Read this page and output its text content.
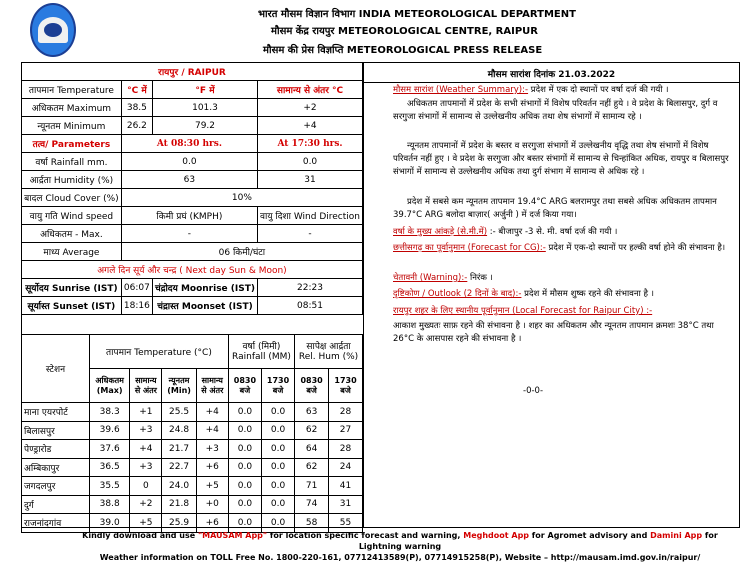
भारत मौसम विज्ञान विभाग INDIA METEOROLOGICAL DEPARTMENT
मौसम केंद्र रायपुर METEOROLOGICAL CENTRE, RAIPUR
मौसम की प्रेस विज्ञप्ति METEOROLOGICAL PRESS RELEASE
रायपुर / RAIPUR			
तापमान Temperature	°C में	°F में	सामान्य से अंतर °C
अधिकतम Maximum	38.5	101.3	+2
न्यूनतम Minimum	26.2	79.2	+4
तत्व/ Parameters	At 08:30 hrs.		At 17:30 hrs.
वर्षा Rainfall mm.	0.0		0.0
आर्द्रता Humidity (%)	63		31
बादल Cloud Cover (%)	10%		
वायु गति Wind speed	किमी प्रघं (KMPH)		वायु दिशा Wind Direction
अधिकतम - Max.	-		-
माध्य Average	06 किमी/घंटा		
अगले दिन सूर्य और चन्द्र ( Next day Sun & Moon)			
सूर्योदय Sunrise (IST)	06:07	चंद्रोदय Moonrise (IST)	22:23
सूर्यास्त Sunset (IST)	18:16	चंद्रास्त Moonset (IST)	08:51
स्टेशन	तापमान Temperature (°C)				वर्षा (मिमी) Rainfall (MM)		सापेक्ष आर्द्रता Rel. Hum (%)	
	अधिकतम (Max)	सामान्य से अंतर	न्यूनतम (Min)	सामान्य से अंतर	0830 बजे	1730 बजे	0830 बजे	1730 बजे
माना एयरपोर्ट	38.3	+1	25.5	+4	0.0	0.0	63	28
बिलासपुर	39.6	+3	24.8	+4	0.0	0.0	62	27
पेण्ड्रारोड	37.6	+4	21.7	+3	0.0	0.0	64	28
अम्बिकापुर	36.5	+3	22.7	+6	0.0	0.0	62	24
जगदलपुर	35.5	0	24.0	+5	0.0	0.0	71	41
दुर्ग	38.8	+2	21.8	+0	0.0	0.0	74	31
राजनांदगांव	39.0	+5	25.9	+6	0.0	0.0	58	55
मौसम सारांश दिनांक 21.03.2022
मौसम सारांश (Weather Summary):- प्रदेश में एक दो स्थानों पर वर्षा दर्ज की गयी ।
अधिकतम तापमानों में प्रदेश के सभी संभागों में विशेष परिवर्तन नहीं हुये । वे प्रदेश के बिलासपुर, दुर्ग व सरगुजा संभागों में सामान्य से उल्लेखनीय अधिक तथा शेष संभागों में सामान्य रहे ।
न्यूनतम तापमानों में प्रदेश के बस्तर व सरगुजा संभागों में उल्लेखनीय वृद्धि तथा शेष संभागों में विशेष परिवर्तन नहीं हुए । वे प्रदेश के सरगुजा और बस्तर संभागों में सामान्य से चिन्हांकित अधिक, रायपुर व बिलासपुर संभागों में सामान्य से उल्लेखनीय अधिक तथा दुर्ग संभाग में सामान्य से अधिक रहे ।
प्रदेश में सबसे कम न्यूनतम तापमान 19.4°C ARG बलरामपुर तथा सबसे अधिक अधिकतम तापमान 39.7°C ARG बलोदा बाज़ार( अर्जुनी ) में दर्ज किया गया।
वर्षा के मुख्य आंकड़े (से.मी.में) :- बीजापुर -3 से. मी. वर्षा दर्ज की गयी ।
छत्तीसगढ़ का पूर्वानुमान (Forecast for CG):- प्रदेश में एक-दो स्थानों पर हल्की वर्षा होने की संभावना है।
चेतावनी (Warning):- निरंक ।
दृष्टिकोण / Outlook (2 दिनों के बाद):- प्रदेश में मौसम शुष्क रहने की संभावना है ।
रायपुर शहर के लिए स्थानीय पूर्वानुमान (Local Forecast for Raipur City) :-
आकाश मुख्यतः साफ़ रहने की संभावना है । शहर का अधिकतम और न्यूनतम तापमान क्रमशः 38°C तथा 26°C के आसपास रहने की संभावना है ।
-0-0-
Kindly download and use "MAUSAM App" for location specific forecast and warning, Meghdoot App for Agromet advisory and Damini App for Lightning warning
Weather information on TOLL Free No. 1800-220-161, 07712413589(P), 07714915258(P), Website – http://mausam.imd.gov.in/raipur/
